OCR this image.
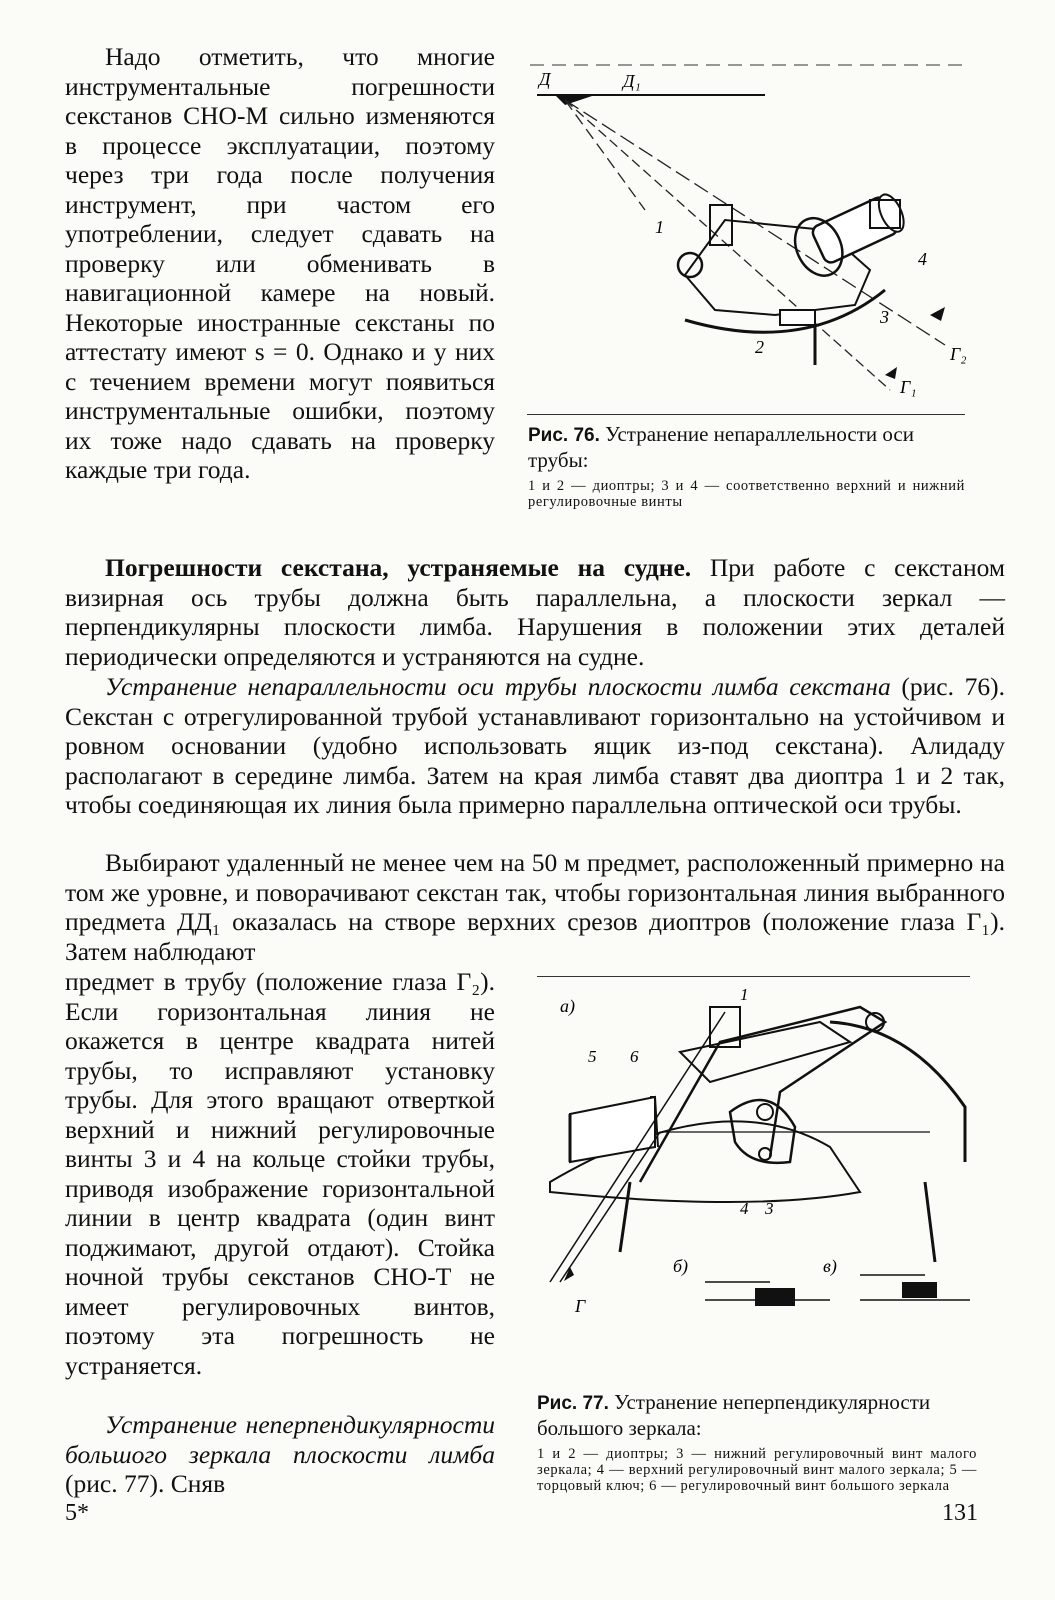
Надо отметить, что многие инструментальные погрешности секстанов СНО-М сильно изменяются в процессе эксплуатации, поэтому через три года после получения инструмент, при частом его употреблении, следует сдавать на проверку или обменивать в навигационной камере на новый. Некоторые иностранные секстаны по аттестату имеют s = 0. Однако и у них с течением времени могут появиться инструментальные ошибки, поэтому их тоже надо сдавать на проверку каждые три года.

Д	Д₁
1
2
3
4
Г₂
Г₁

Рис. 76. Устранение непараллельности оси трубы:

1 и 2 — диоптры; 3 и 4 — соответственно верхний и нижний регулировочные винты

Погрешности секстана, устраняемые на судне. При работе с секстаном визирная ось трубы должна быть параллельна, а плоскости зеркал — перпендикулярны плоскости лимба. Нарушения в положении этих деталей периодически определяются и устраняются на судне.

Устранение непараллельности оси трубы плоскости лимба секстана (рис. 76). Секстан с отрегулированной трубой устанавливают горизонтально на устойчивом и ровном основании (удобно использовать ящик из-под секстана). Алидаду располагают в середине лимба. Затем на края лимба ставят два диоптра 1 и 2 так, чтобы соединяющая их линия была примерно параллельна оптической оси трубы.

Выбирают удаленный не менее чем на 50 м предмет, расположенный примерно на том же уровне, и поворачивают секстан так, чтобы горизонтальная линия выбранного предмета ДД₁ оказалась на створе верхних срезов диоптров (положение глаза Г₁). Затем наблюдают

предмет в трубу (положение глаза Г₂). Если горизонтальная линия не окажется в центре квадрата нитей трубы, то исправляют установку трубы. Для этого вращают отверткой верхний и нижний регулировочные винты 3 и 4 на кольце стойки трубы, приводя изображение горизонтальной линии в центр квадрата (один винт поджимают, другой отдают). Стойка ночной трубы секстанов СНО-Т не имеет регулировочных винтов, поэтому эта погрешность не устраняется.

Устранение неперпендикулярности большого зеркала плоскости лимба (рис. 77). Сняв

а)
1
5 6
4 3
б)	в)
Г

Рис. 77. Устранение неперпендикулярности большого зеркала:

1 и 2 — диоптры; 3 — нижний регулировочный винт малого зеркала; 4 — верхний регулировочный винт малого зеркала; 5 — торцовый ключ; 6 — регулировочный винт большого зеркала

5*	131
